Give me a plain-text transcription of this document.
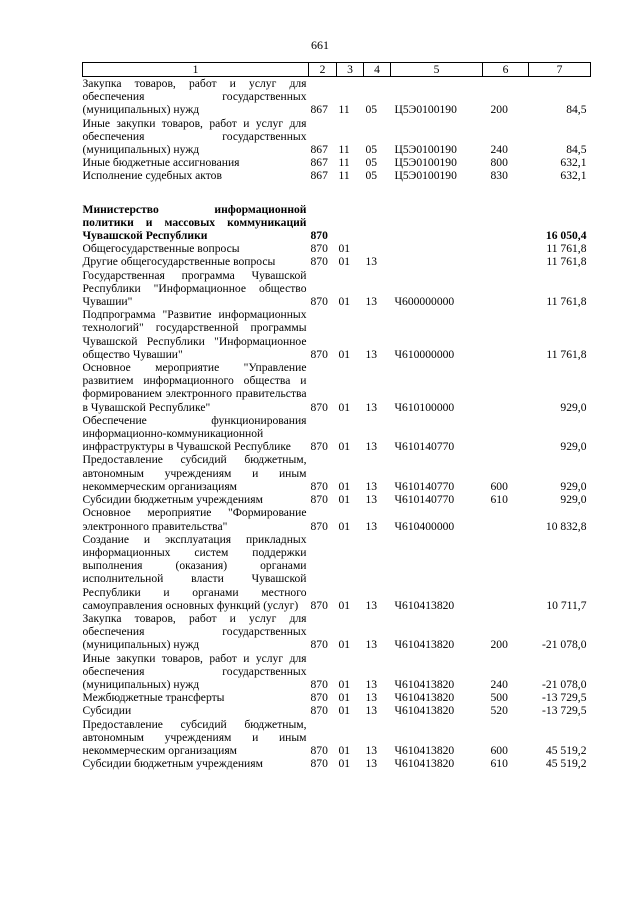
661
1	2	3	4	5	6	7
Закупка товаров, работ и услуг для обеспечения государственных (муниципальных) нужд	867	11	05	Ц5Э0100190	200	84,5
Иные закупки товаров, работ и услуг для обеспечения государственных (муниципальных) нужд	867	11	05	Ц5Э0100190	240	84,5
Иные бюджетные ассигнования	867	11	05	Ц5Э0100190	800	632,1
Исполнение судебных актов	867	11	05	Ц5Э0100190	830	632,1

Министерство информационной политики и массовых коммуникаций Чувашской Республики	870					16 050,4
Общегосударственные вопросы	870	01				11 761,8
Другие общегосударственные вопросы	870	01	13			11 761,8
Государственная программа Чувашской Республики "Информационное общество Чувашии"	870	01	13	Ч600000000		11 761,8
Подпрограмма "Развитие информационных технологий" государственной программы Чувашской Республики "Информационное общество Чувашии"	870	01	13	Ч610000000		11 761,8
Основное мероприятие "Управление развитием информационного общества и формированием электронного правительства в Чувашской Республике"	870	01	13	Ч610100000		929,0
Обеспечение функционирования информационно-коммуникационной инфраструктуры в Чувашской Республике	870	01	13	Ч610140770		929,0
Предоставление субсидий бюджетным, автономным учреждениям и иным некоммерческим организациям	870	01	13	Ч610140770	600	929,0
Субсидии бюджетным учреждениям	870	01	13	Ч610140770	610	929,0
Основное мероприятие "Формирование электронного правительства"	870	01	13	Ч610400000		10 832,8
Создание и эксплуатация прикладных информационных систем поддержки выполнения (оказания) органами исполнительной власти Чувашской Республики и органами местного самоуправления основных функций (услуг)	870	01	13	Ч610413820		10 711,7
Закупка товаров, работ и услуг для обеспечения государственных (муниципальных) нужд	870	01	13	Ч610413820	200	-21 078,0
Иные закупки товаров, работ и услуг для обеспечения государственных (муниципальных) нужд	870	01	13	Ч610413820	240	-21 078,0
Межбюджетные трансферты	870	01	13	Ч610413820	500	-13 729,5
Субсидии	870	01	13	Ч610413820	520	-13 729,5
Предоставление субсидий бюджетным, автономным учреждениям и иным некоммерческим организациям	870	01	13	Ч610413820	600	45 519,2
Субсидии бюджетным учреждениям	870	01	13	Ч610413820	610	45 519,2
